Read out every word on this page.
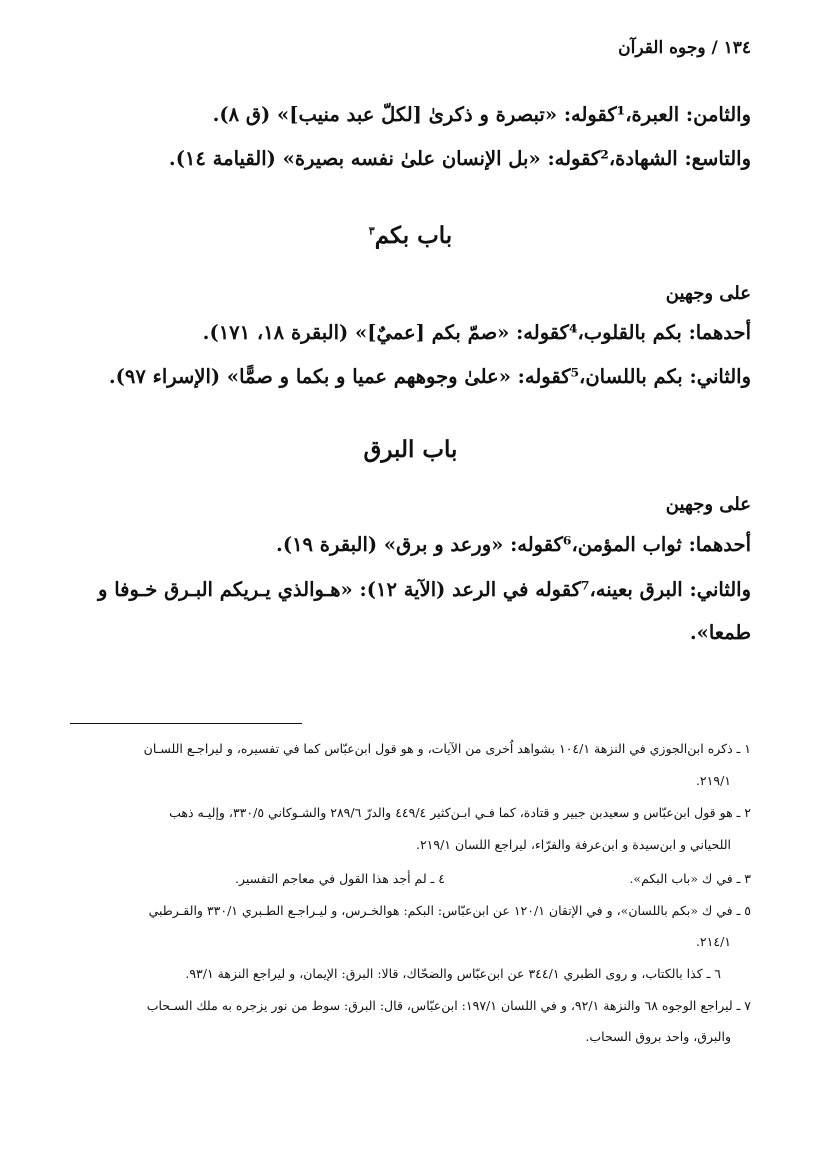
١٣٤ / وجوه القرآن
والثامن: العبرة،¹كقوله: «تبصرة و ذكرىٰ [لكلّ عبد منيب]» (ق ٨).
والتاسع: الشهادة،²كقوله: «بل الإنسان علىٰ نفسه بصيرة» (القيامة ١٤).
باب بكم$^٣$
على وجهين
أحدهما: بكم بالقلوب،⁴كقوله: «صمّ بكم [عميٌ]» (البقرة ١٨، ١٧١).
والثاني: بكم باللسان،⁵كقوله: «علىٰ وجوههم عميا و بكما و صمًّا» (الإسراء ٩٧).
باب البرق
على وجهين
أحدهما: ثواب المؤمن،⁶كقوله: «ورعد و برق» (البقرة ١٩).
والثاني: البرق بعينه،⁷كقوله في الرعد (الآية ١٢): «هـوالذي يـريكم البـرق خـوفا و
طمعا».
١ ـ ذكره ابن‌الجوزي في النزهة ١٠٤/١ بشواهد اُخرى من الآيات، و هو قول ابن‌عبّاس كما في تفسيره، و ليراجـع اللسـان
٢١٩/١.
٢ ـ هو قول ابن‌عبّاس و سعيدبن جبير و قتادة، كما فـي ابـن‌كثير ٤٤٩/٤ والدرّ ٢٨٩/٦ والشـوكاني ٣٣٠/٥، وإليـه ذهب
اللحياني و ابن‌سيدة و ابن‌عرفة والفرّاء، ليراجع اللسان ٢١٩/١.
٣ ـ في ك «باب البكم».
٤ ـ لم أجد هذا القول في معاجم التفسير.
٥ ـ في ك «بكم باللسان»، و في الإتقان ١٢٠/١ عن ابن‌عبّاس: البكم: هوالخـرس، و ليـراجـع الطـبري ٣٣٠/١ والقـرطبي
٢١٤/١.
٦ ـ كذا بالكتاب، و روى الطبري ٣٤٤/١ عن ابن‌عبّاس والضحّاك، قالا: البرق: الإيمان، و ليراجع النزهة ٩٣/١.
٧ ـ ليراجع الوجوه ٦٨ والنزهة ٩٢/١، و في اللسان ١٩٧/١: ابن‌عبّاس، قال: البرق: سوط من نور يزجره به ملك السـحاب
والبرق، واحد بروق السحاب.
